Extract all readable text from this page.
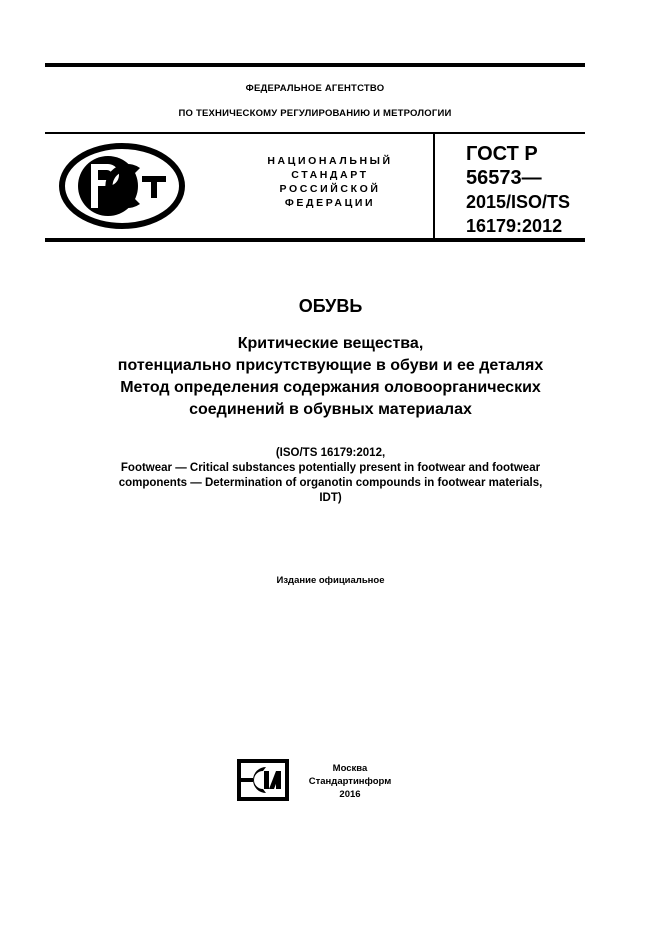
ФЕДЕРАЛЬНОЕ АГЕНТСТВО
ПО ТЕХНИЧЕСКОМУ РЕГУЛИРОВАНИЮ И МЕТРОЛОГИИ
НАЦИОНАЛЬНЫЙ
СТАНДАРТ
РОССИЙСКОЙ
ФЕДЕРАЦИИ
ГОСТ Р
56573—
2015/ISO/TS
16179:2012
ОБУВЬ
Критические вещества,
потенциально присутствующие в обуви и ее деталях
Метод определения содержания оловоорганических
соединений в обувных материалах
(ISO/TS 16179:2012,
Footwear — Critical substances potentially present in footwear and footwear
components — Determination of organotin compounds in footwear materials,
IDT)
Издание официальное
Москва
Стандартинформ
2016
